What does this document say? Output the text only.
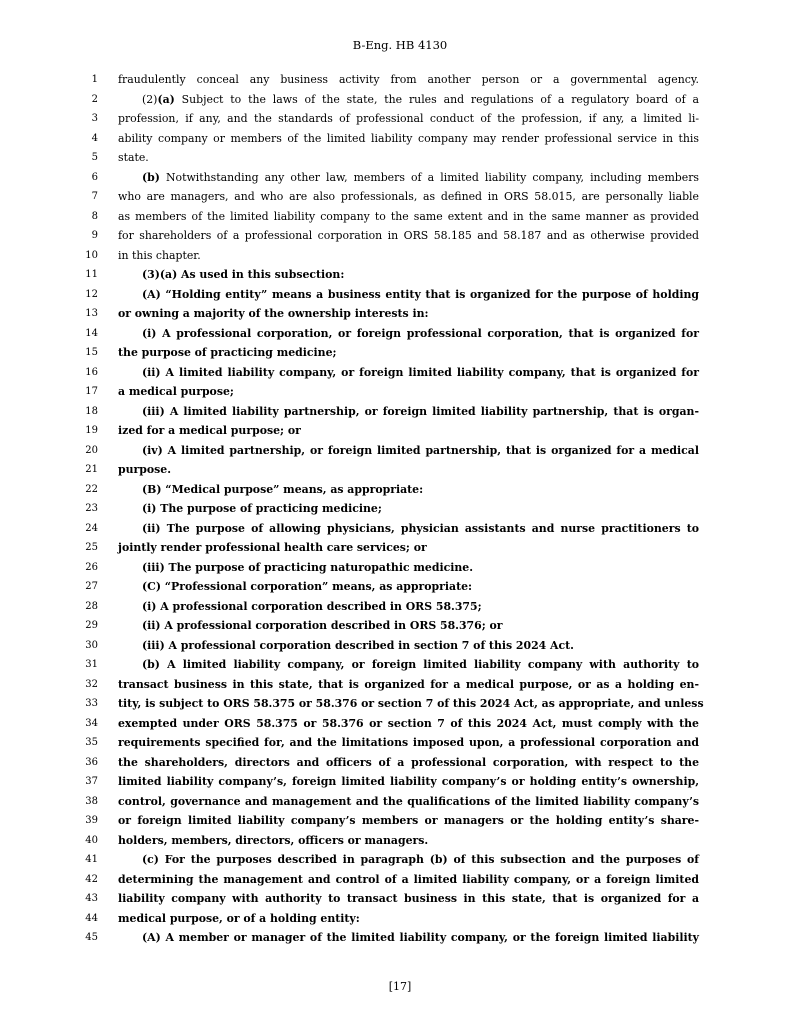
B-Eng. HB 4130
1 fraudulently conceal any business activity from another person or a governmental agency.
2	(2)(a) Subject to the laws of the state, the rules and regulations of a regulatory board of a
3 profession, if any, and the standards of professional conduct of the profession, if any, a limited li-
4 ability company or members of the limited liability company may render professional service in this
5 state.
6	(b) Notwithstanding any other law, members of a limited liability company, including members
7 who are managers, and who are also professionals, as defined in ORS 58.015, are personally liable
8 as members of the limited liability company to the same extent and in the same manner as provided
9 for shareholders of a professional corporation in ORS 58.185 and 58.187 and as otherwise provided
10 in this chapter.
11	(3)(a) As used in this subsection:
12	(A) “Holding entity” means a business entity that is organized for the purpose of holding
13 or owning a majority of the ownership interests in:
14	(i) A professional corporation, or foreign professional corporation, that is organized for
15 the purpose of practicing medicine;
16	(ii) A limited liability company, or foreign limited liability company, that is organized for
17 a medical purpose;
18	(iii) A limited liability partnership, or foreign limited liability partnership, that is organ-
19 ized for a medical purpose; or
20	(iv) A limited partnership, or foreign limited partnership, that is organized for a medical
21 purpose.
22	(B) “Medical purpose” means, as appropriate:
23	(i) The purpose of practicing medicine;
24	(ii) The purpose of allowing physicians, physician assistants and nurse practitioners to
25 jointly render professional health care services; or
26	(iii) The purpose of practicing naturopathic medicine.
27	(C) “Professional corporation” means, as appropriate:
28	(i) A professional corporation described in ORS 58.375;
29	(ii) A professional corporation described in ORS 58.376; or
30	(iii) A professional corporation described in section 7 of this 2024 Act.
31	(b) A limited liability company, or foreign limited liability company with authority to
32 transact business in this state, that is organized for a medical purpose, or as a holding en-
33 tity, is subject to ORS 58.375 or 58.376 or section 7 of this 2024 Act, as appropriate, and unless
34 exempted under ORS 58.375 or 58.376 or section 7 of this 2024 Act, must comply with the
35 requirements specified for, and the limitations imposed upon, a professional corporation and
36 the shareholders, directors and officers of a professional corporation, with respect to the
37 limited liability company’s, foreign limited liability company’s or holding entity’s ownership,
38 control, governance and management and the qualifications of the limited liability company’s
39 or foreign limited liability company’s members or managers or the holding entity’s share-
40 holders, members, directors, officers or managers.
41	(c) For the purposes described in paragraph (b) of this subsection and the purposes of
42 determining the management and control of a limited liability company, or a foreign limited
43 liability company with authority to transact business in this state, that is organized for a
44 medical purpose, or of a holding entity:
45	(A) A member or manager of the limited liability company, or the foreign limited liability
[17]
